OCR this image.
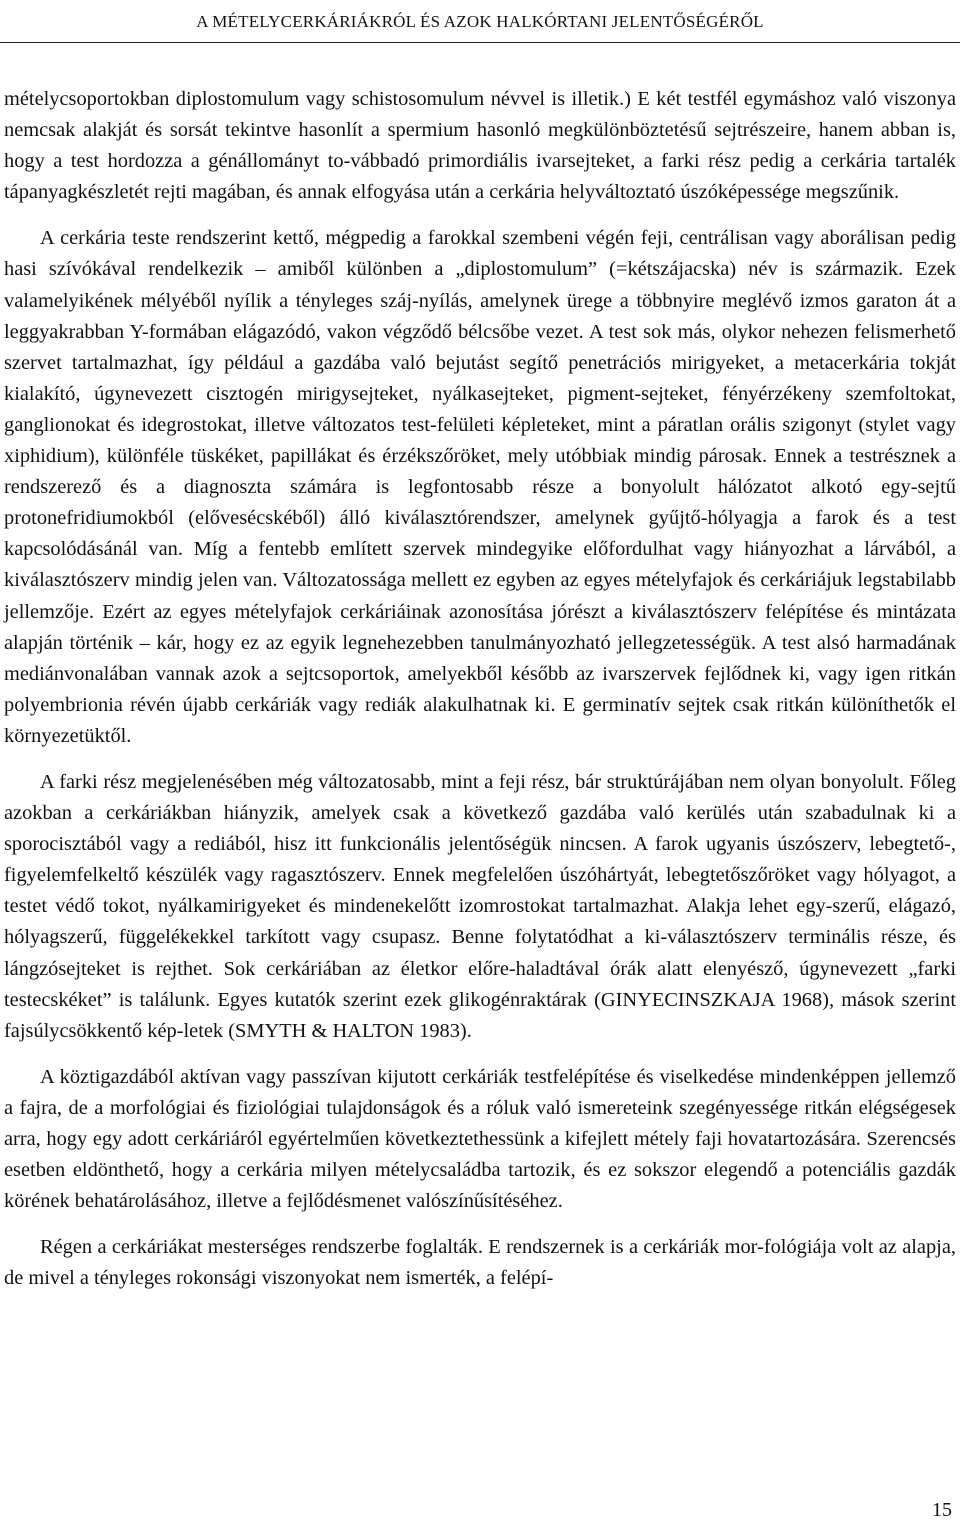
A MÉTELYCERKÁRIÁKRÓL ÉS AZOK HALKÓRTANI JELENTŐSÉGÉRŐL

mételycsoportokban diplostomulum vagy schistosomulum névvel is illetik.) E két testfél egymáshoz való viszonya nemcsak alakját és sorsát tekintve hasonlít a spermium hasonló megkülönböztetésű sejtrészeire, hanem abban is, hogy a test hordozza a génállományt to-vábbadó primordiális ivarsejteket, a farki rész pedig a cerkária tartalék tápanyagkészletét rejti magában, és annak elfogyása után a cerkária helyváltoztató úszóképessége megszűnik.

A cerkária teste rendszerint kettő, mégpedig a farokkal szembeni végén feji, centrálisan vagy aborálisan pedig hasi szívókával rendelkezik – amiből különben a „diplostomulum” (=kétszájacska) név is származik. Ezek valamelyikének mélyéből nyílik a tényleges száj-nyílás, amelynek ürege a többnyire meglévő izmos garaton át a leggyakrabban Y-formában elágazódó, vakon végződő bélcsőbe vezet. A test sok más, olykor nehezen felismerhető szervet tartalmazhat, így például a gazdába való bejutást segítő penetrációs mirigyeket, a metacerkária tokját kialakító, úgynevezett cisztogén mirigysejteket, nyálkasejteket, pigment-sejteket, fényérzékeny szemfoltokat, ganglionokat és idegrostokat, illetve változatos test-felületi képleteket, mint a páratlan orális szigonyt (stylet vagy xiphidium), különféle tüskéket, papillákat és érzékszőröket, mely utóbbiak mindig párosak. Ennek a testrésznek a rendszerező és a diagnoszta számára is legfontosabb része a bonyolult hálózatot alkotó egy-sejtű protonefridiumokból (elővesécskéből) álló kiválasztórendszer, amelynek gyűjtő-hólyagja a farok és a test kapcsolódásánál van. Míg a fentebb említett szervek mindegyike előfordulhat vagy hiányozhat a lárvából, a kiválasztószerv mindig jelen van. Változatossága mellett ez egyben az egyes mételyfajok és cerkáriájuk legstabilabb jellemzője. Ezért az egyes mételyfajok cerkáriáinak azonosítása jórészt a kiválasztószerv felépítése és mintázata alapján történik – kár, hogy ez az egyik legnehezebben tanulmányozható jellegzetességük. A test alsó harmadának mediánvonalában vannak azok a sejtcsoportok, amelyekből később az ivarszervek fejlődnek ki, vagy igen ritkán polyembrionia révén újabb cerkáriák vagy rediák alakulhatnak ki. E germinatív sejtek csak ritkán különíthetők el környezetüktől.

A farki rész megjelenésében még változatosabb, mint a feji rész, bár struktúrájában nem olyan bonyolult. Főleg azokban a cerkáriákban hiányzik, amelyek csak a következő gazdába való kerülés után szabadulnak ki a sporocisztából vagy a rediából, hisz itt funkcionális jelentőségük nincsen. A farok ugyanis úszószerv, lebegtető-, figyelemfelkeltő készülék vagy ragasztószerv. Ennek megfelelően úszóhártyát, lebegtetőszőröket vagy hólyagot, a testet védő tokot, nyálkamirigyeket és mindenekelőtt izomrostokat tartalmazhat. Alakja lehet egy-szerű, elágazó, hólyagszerű, függelékekkel tarkított vagy csupasz. Benne folytatódhat a ki-választószerv terminális része, és lángzósejteket is rejthet. Sok cerkáriában az életkor előre-haladtával órák alatt elenyésző, úgynevezett „farki testecskéket” is találunk. Egyes kutatók szerint ezek glikogénraktárak (GINYECINSZKAJA 1968), mások szerint fajsúlycsökkentő kép-letek (SMYTH & HALTON 1983).

A köztigazdából aktívan vagy passzívan kijutott cerkáriák testfelépítése és viselkedése mindenképpen jellemző a fajra, de a morfológiai és fiziológiai tulajdonságok és a róluk való ismereteink szegényessége ritkán elégségesek arra, hogy egy adott cerkáriáról egyértelműen következtethessünk a kifejlett métely faji hovatartozására. Szerencsés esetben eldönthető, hogy a cerkária milyen mételycsaládba tartozik, és ez sokszor elegendő a potenciális gazdák körének behatárolásához, illetve a fejlődésmenet valószínűsítéséhez.

Régen a cerkáriákat mesterséges rendszerbe foglalták. E rendszernek is a cerkáriák mor-fológiája volt az alapja, de mivel a tényleges rokonsági viszonyokat nem ismerték, a felépí-

15
